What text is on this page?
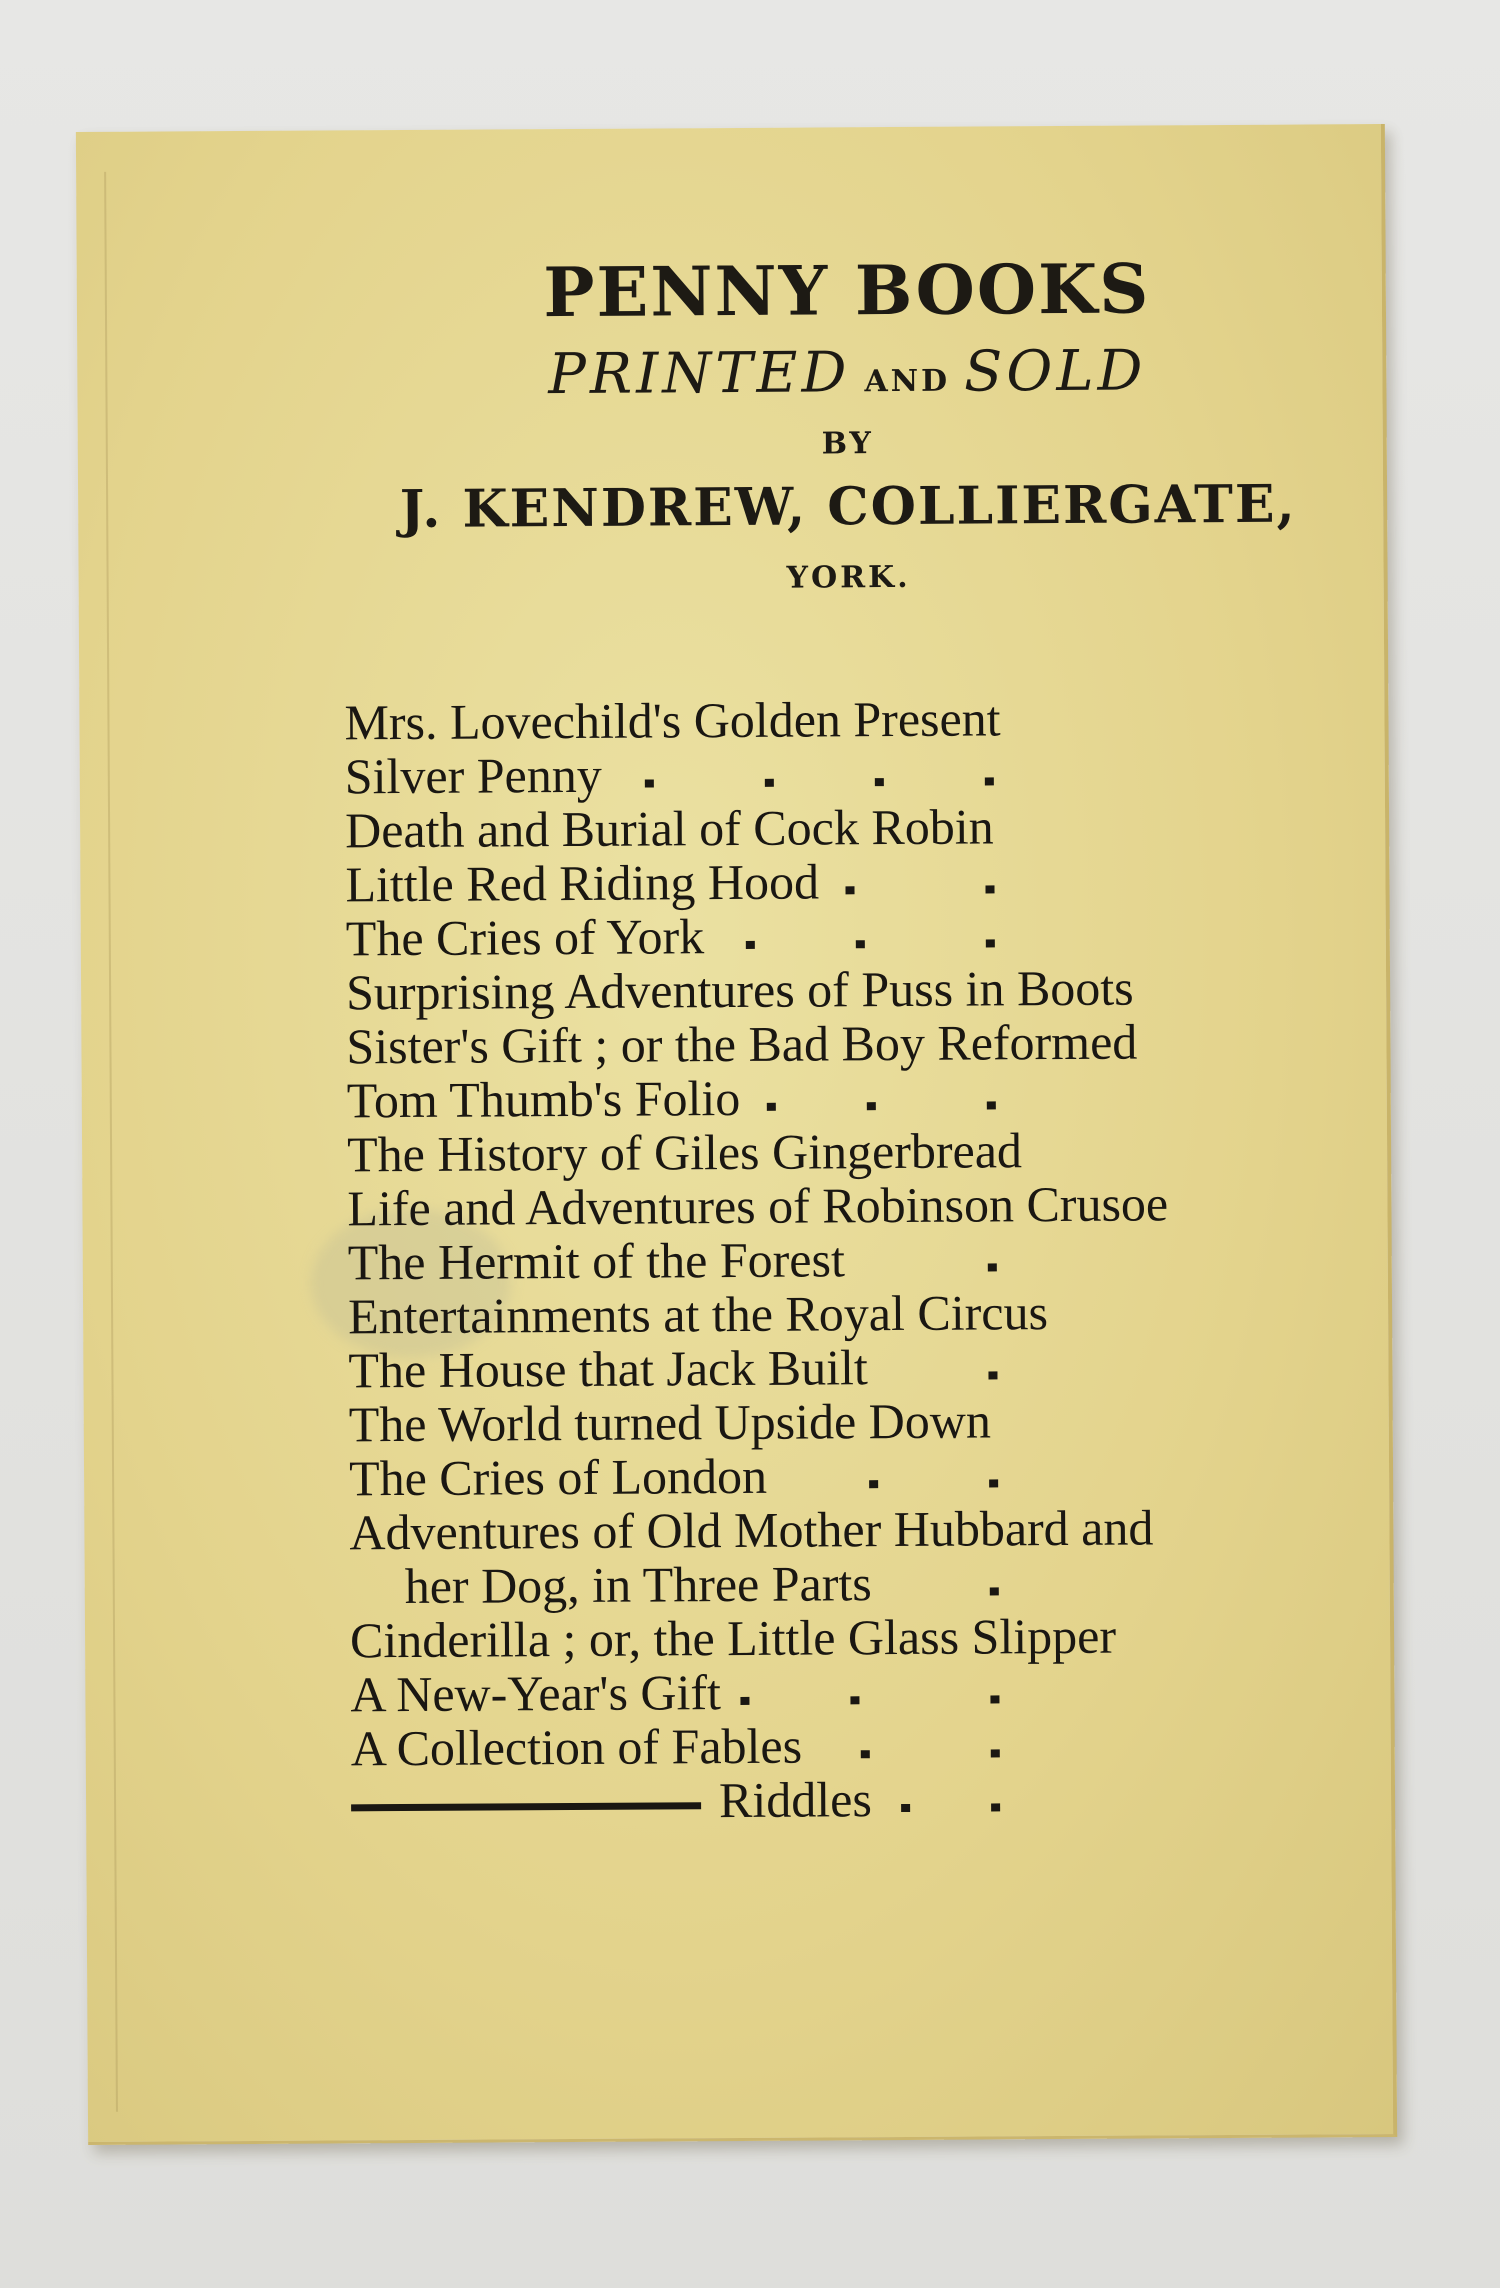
PENNY BOOKS
PRINTED AND SOLD
BY
J. KENDREW, COLLIERGATE,
YORK.
Mrs. Lovechild's Golden Present
Silver Penny
Death and Burial of Cock Robin
Little Red Riding Hood
The Cries of York
Surprising Adventures of Puss in Boots
Sister's Gift ; or the Bad Boy Reformed
Tom Thumb's Folio
The History of Giles Gingerbread
Life and Adventures of Robinson Crusoe
The Hermit of the Forest
Entertainments at the Royal Circus
The House that Jack Built
The World turned Upside Down
The Cries of London
Adventures of Old Mother Hubbard and
her Dog, in Three Parts
Cinderilla ; or, the Little Glass Slipper
A New-Year's Gift
A Collection of Fables
Riddles
